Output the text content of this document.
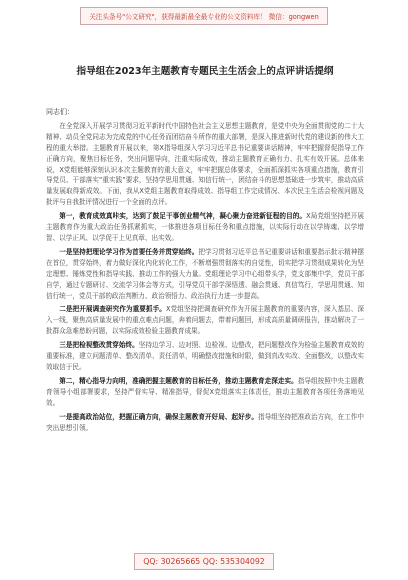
关注头条号"公文研究"，获得最新最全最专业的公文资料库！ 微信：gongwen
指导组在2023年主题教育专题民主生活会上的点评讲话提纲
同志们：

在全党深入开展学习贯彻习近平新时代中国特色社会主义思想主题教育，是党中央为全面贯彻党的二十大精神、动员全党同志为完成党的中心任务而团结奋斗所作的重大部署，是深入推进新时代党的建设新的伟大工程的重大举措。主题教育开展以来，第X指导组深入学习习近平总书记重要讲话精神，牢牢把握督促指导工作正确方向，聚焦目标任务，突出问题导向，注重实际成效，推动主题教育正确有力、扎实有效开展。总体来说，X党组能够深刻认识本次主题教育的重大意义，牢牢把握总体要求，全面抓深抓实各项重点措施，教育引导党员、干部落实“重实践”要求，坚持学思用贯通、知信行统一，团结奋斗的思想基础进一步筑牢，推动高质量发展取得新成效。下面，我从X党组主题教育取得成效、指导组工作完成情况、本次民主生活会检视问题及批评与自我批评情况进行一个全面的点评。

第一，教育成效真咔实，达到了鼓足干事创业精气神，凝心聚力奋进新征程的目的。X局党组坚持把开展主题教育作为重大政治任务抓紧抓实，一体推进各项目标任务和重点措施，以实际行动在以学铸魂、以学增智、以学正风、以学促干上见真章、出实效。

一是坚持把理论学习作为首要任务并贯穿始终。把学习贯彻习近平总书记重要讲话和重要指示批示精神摆在首位，贯穿始终，着力做好深化内化转化工作，不断增强贯彻落实的自觉性，切实把学习贯彻成果转化为坚定理想、锤炼党性和指导实践、推动工作的强大力量。党组理论学习中心组带头学，党支部集中学，党员干部自学，通过专题研讨、交流学习体会等方式，引导党员干部学深悟透、融会贯通、真信笃行，学思用贯通、知信行统一，党员干部的政治判断力、政治领悟力、政治执行力进一步提高。

二是把开展调查研究作为重要抓手。X党组坚持把调查研究作为开展主题教育的重要内容，深入基层、深入一线，聚焦高质量发展中的重点难点问题，奔着问题去，带着问题回，形成高质量调研报告，推动解决了一批群众急难愁盼问题，以实际成效检验主题教育成果。

三是把检视整改贯穿始终。坚持边学习、边对照、边检视、边整改，把问题整改作为检验主题教育成效的重要标准，建立问题清单、整改清单、责任清单，明确整改措施和时限，做到真改实改、全面整改，以整改实效取信于民。

第二，精心指导力向明，准确把握主题教育的目标任务，推动主题教育走深走实。指导组按照中央主题教育领导小组部署要求，坚持严督实导、精准指导，督促X党组落实主体责任，推动主题教育各项任务落地见效。

一是提高政治站位，把握正确方向，确保主题教育开好局、起好步。指导组坚持把准政治方向，在工作中突出思想引领。

QQ: 30265665 QQ: 535304092
